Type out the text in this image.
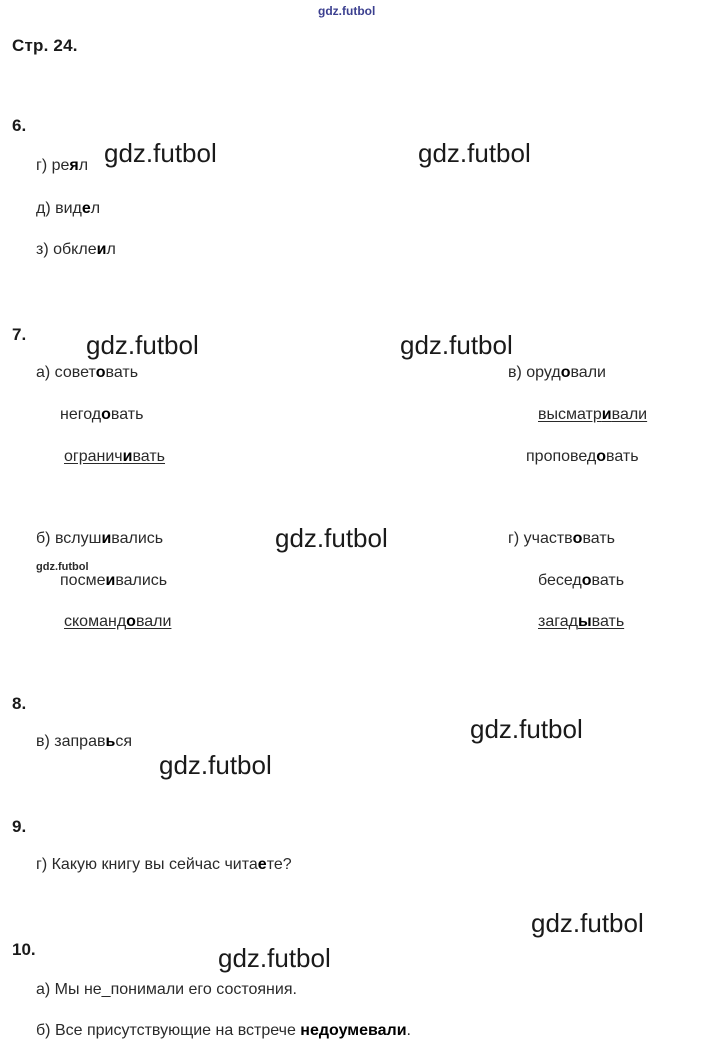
Стр. 24.
gdz.futbol
gdz.futbol	gdz.futbol
gdz.futbol	gdz.futbol
gdz.futbol
gdz.futbol
gdz.futbol
gdz.futbol
gdz.futbol
gdz.futbol
6.
г) реял
д) видел
з) обклеил
7.
а) советовать
негодовать
ограничивать
б) вслушивались
посмеивались
скомандовали
в) орудовали
высматривали
проповедовать
г) участвовать
беседовать
загадывать
8.
в) заправься
9.
г) Какую книгу вы сейчас читаете?
10.
а) Мы не_понимали его состояния.
б) Все присутствующие на встрече недоумевали.
